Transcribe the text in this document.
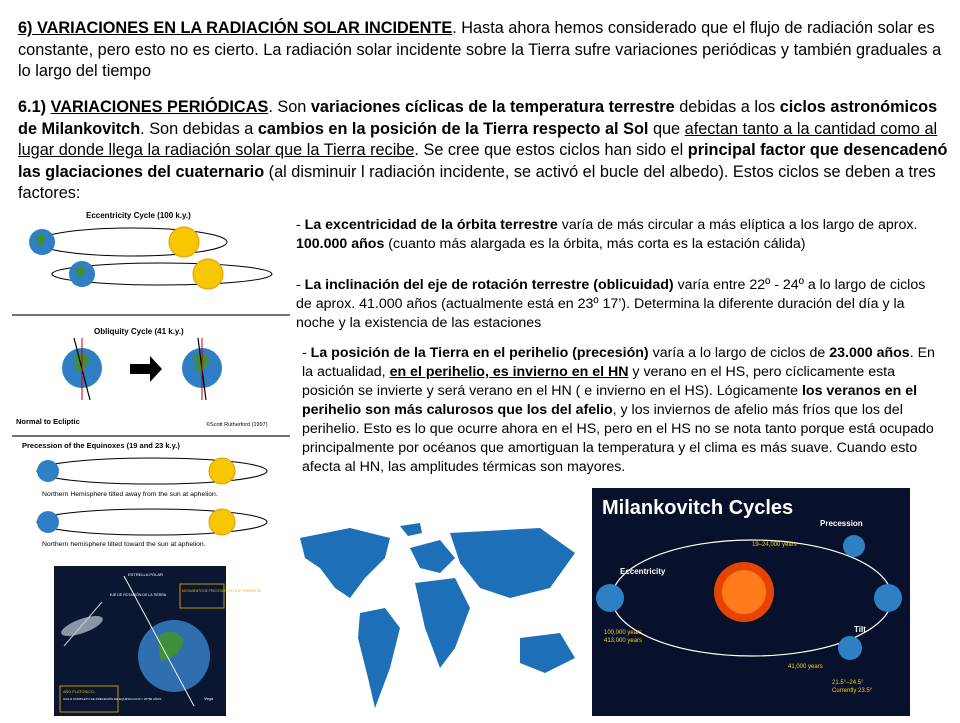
6) VARIACIONES EN LA RADIACIÓN SOLAR INCIDENTE. Hasta ahora hemos considerado que el flujo de radiación solar es constante, pero esto no es cierto. La radiación solar incidente sobre la Tierra sufre variaciones periódicas y también graduales a lo largo del tiempo
6.1) VARIACIONES PERIÓDICAS. Son variaciones cíclicas de la temperatura terrestre debidas a los ciclos astronómicos de Milankovitch. Son debidas a cambios en la posición de la Tierra respecto al Sol que afectan tanto a la cantidad como al lugar donde llega la radiación solar que la Tierra recibe. Se cree que estos ciclos han sido el principal factor que desencadenó las glaciaciones del cuaternario (al disminuir l radiación incidente, se activó el bucle del albedo). Estos ciclos se deben a tres factores:
- La excentricidad de la órbita terrestre varía de más circular a más elíptica a los largo de aprox. 100.000 años (cuanto más alargada es la órbita, más corta es la estación cálida)
- La inclinación del eje de rotación terrestre (oblicuidad) varía entre 22º - 24º a lo largo de ciclos de aprox. 41.000 años (actualmente está en 23º 17’). Determina la diferente duración del día y la noche y la existencia de las estaciones
- La posición de la Tierra en el perihelio (precesión) varía a lo largo de ciclos de 23.000 años. En la actualidad, en el perihelio, es invierno en el HN y verano en el HS, pero cíclicamente esta posición se invierte y será verano en el HN ( e invierno en el HS). Lógicamente los veranos en el perihelio son más calurosos que los del afelio, y los inviernos de afelio más fríos que los del perihelio. Esto es lo que ocurre ahora en el HS, pero en el HS no se nota tanto porque está ocupado principalmente por océanos que amortiguan la temperatura y el clima es más suave. Cuando esto afecta al HN, las amplitudes térmicas son mayores.
Eccentricity Cycle (100 k.y.)
Obliquity Cycle (41 k.y.)
Normal to Ecliptic	©Scott Rutherford (1997)
Precession of the Equinoxes (19 and 23 k.y.)
Northern Hemisphere tilted away from the sun at aphelion.
Northern hemisphere tilted toward the sun at aphelion.
ESTRELLA POLAR
EJE DE ROTACIÓN DE LA TIERRA
MOVIMIENTO DE PRECESIÓN DEL EJE TERRESTRE
AÑO PLATÓNICO:
CICLO COMPLETO DE PRECESIÓN DE EQUINOCCIOS = 25760 AÑOS	Vega
Milankovitch Cycles
Precession
19–24,000 years
Eccentricity
100,000 years
413,000 years
Tilt
41,000 years
21.5°–24.5°
Currently 23.5°
